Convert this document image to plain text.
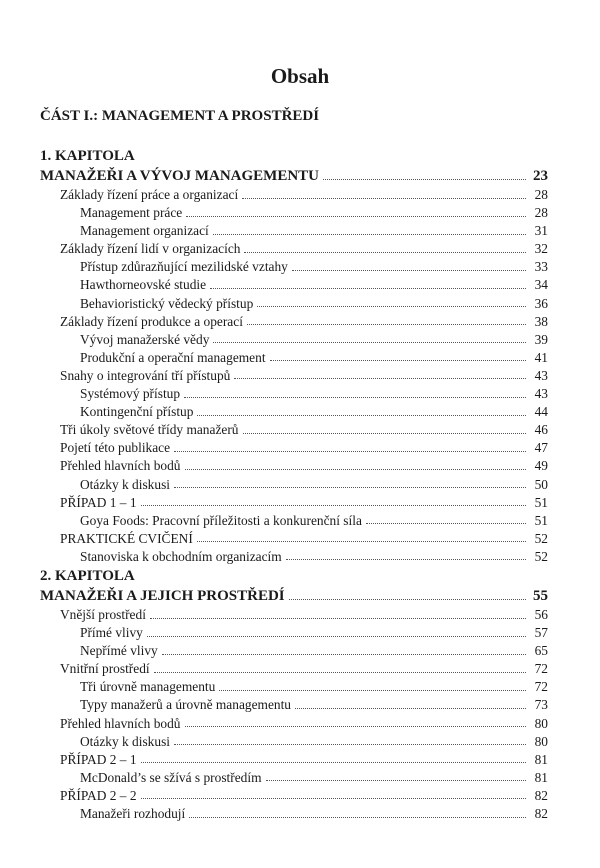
Obsah
ČÁST I.: MANAGEMENT A PROSTŘEDÍ
1. KAPITOLA
MANAŽEŘI A VÝVOJ MANAGEMENTU	23
Základy řízení práce a organizací	28
Management práce	28
Management organizací	31
Základy řízení lidí v organizacích	32
Přístup zdůrazňující mezilidské vztahy	33
Hawthorneovské studie	34
Behavioristický vědecký přístup	36
Základy řízení produkce a operací	38
Vývoj manažerské vědy	39
Produkční a operační management	41
Snahy o integrování tří přístupů	43
Systémový přístup	43
Kontingenční přístup	44
Tři úkoly světové třídy manažerů	46
Pojetí této publikace	47
Přehled hlavních bodů	49
Otázky k diskusi	50
PŘÍPAD 1 – 1	51
Goya Foods: Pracovní příležitosti a konkurenční síla	51
PRAKTICKÉ CVIČENÍ	52
Stanoviska k obchodním organizacím	52
2. KAPITOLA
MANAŽEŘI A JEJICH PROSTŘEDÍ	55
Vnější prostředí	56
Přímé vlivy	57
Nepřímé vlivy	65
Vnitřní prostředí	72
Tři úrovně managementu	72
Typy manažerů a úrovně managementu	73
Přehled hlavních bodů	80
Otázky k diskusi	80
PŘÍPAD 2 – 1	81
McDonald’s se sžívá s prostředím	81
PŘÍPAD 2 – 2	82
Manažeři rozhodují	82
